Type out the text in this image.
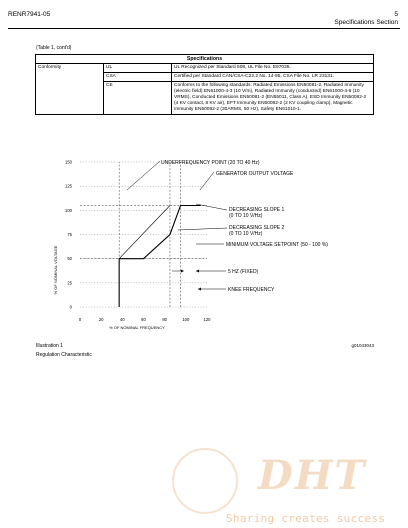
RENR7941-05	5
Specifications Section
(Table 1, cont'd)
Specifications		
Conformity	UL	UL Recognized per Standard 508, UL File No. E97035.
	CSA	Certified per Standard CAN/CSA-C22.2 No. 14-95, CSA File No. LR 23131.
	CE	Conforms to the following standards: Radiated Emissions EN50081-2, Radiated Immunity (electric field) EN61000-4-3 (10 V/m), Radiated Immunity (conducted) EN61000-4-6 (10 VRMS), Conducted Emissions EN50081-2 (EN55011, Class A), ESD Immunity EN50082-2 (4 KV contact, 8 KV air), EFT Immunity EN50082-2 (2 KV coupling clamp), Magnetic Immunity EN50082-2 (30ARMS, 50 Hz), Safety EN61010-1.
0
25
50
75
100
125
150
0	20	40	60	80	100	120
UNDERFREQUENCY POINT (20 TO 40 Hz)
GENERATOR OUTPUT VOLTAGE
DECREASING SLOPE 1
(0 TO 10 V/Hz)
DECREASING SLOPE 2
(0 TO 10 V/Hz)
MINIMUM VOLTAGE SETPOINT (50 - 100 %)
5 HZ (FIXED)
KNEE FREQUENCY
% OF NOMINAL VOLTAGE
% OF NOMINAL FREQUENCY
Illustration 1	g01043043
Regulation Characteristic
DHT
Sharing creates success
